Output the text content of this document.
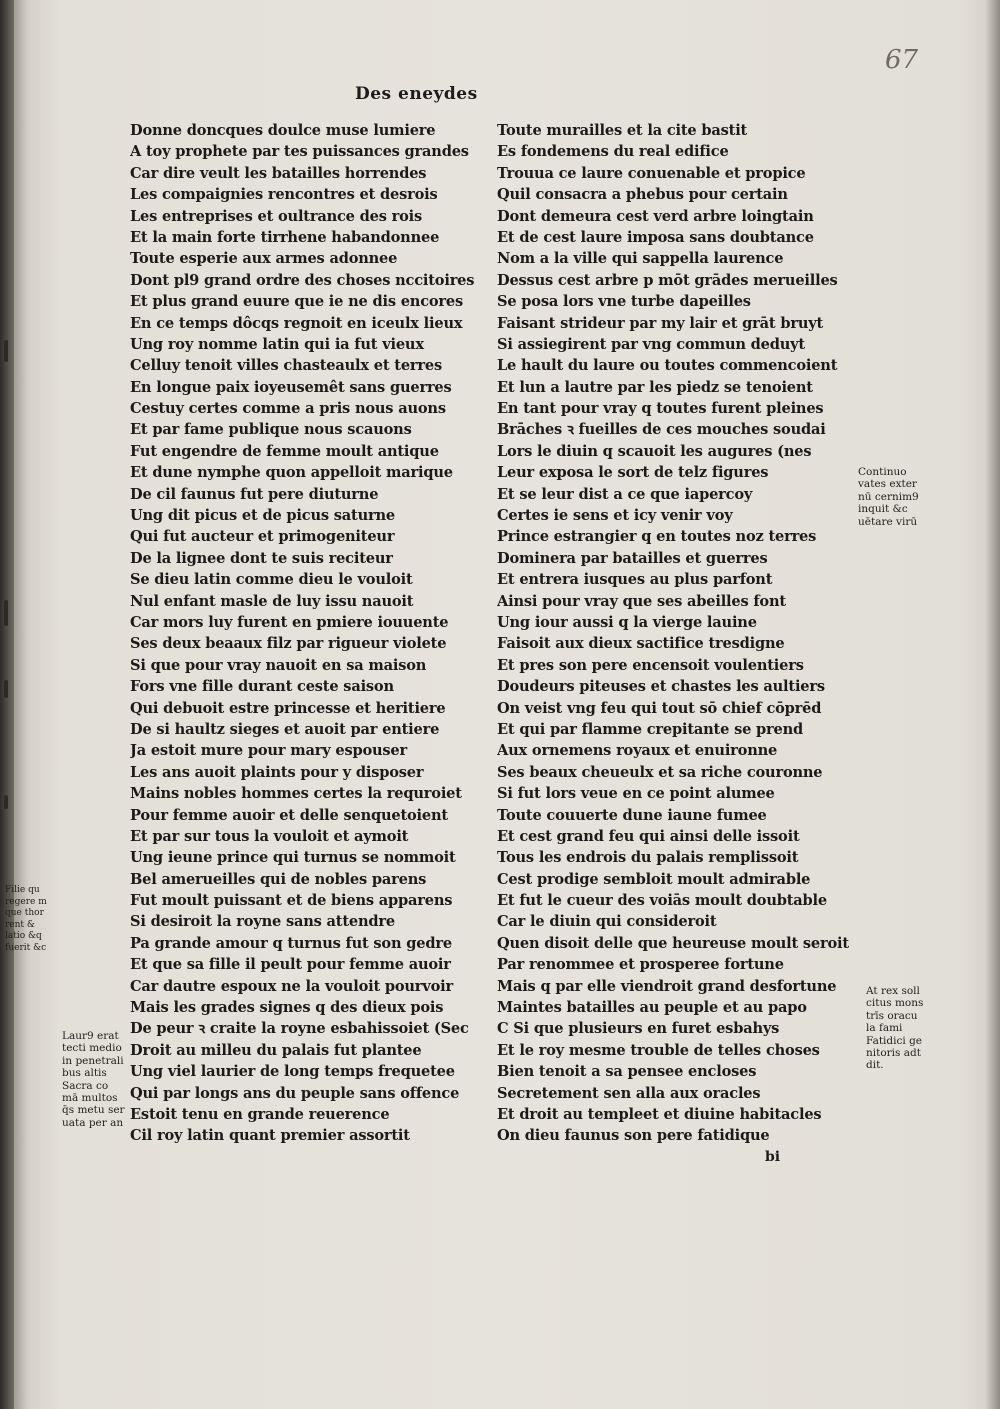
67
Des eneydes
Donne doncques doulce muse lumiere
A toy prophete par tes puissances grandes
Car dire veult les batailles horrendes
Les compaignies rencontres et desrois
Les entreprises et oultrance des rois
Et la main forte tirrhene habandonnee
Toute esperie aux armes adonnee
Dont pl9 grand ordre des choses nccitoires
Et plus grand euure que ie ne dis encores
En ce temps dôcqs regnoit en iceulx lieux
Ung roy nomme latin qui ia fut vieux
Celluy tenoit villes chasteaulx et terres
En longue paix ioyeusemêt sans guerres
Cestuy certes comme a pris nous auons
Et par fame publique nous scauons
Fut engendre de femme moult antique
Et dune nymphe quon appelloit marique
De cil faunus fut pere diuturne
Ung dit picus et de picus saturne
Qui fut aucteur et primogeniteur
De la lignee dont te suis reciteur
Se dieu latin comme dieu le vouloit
Nul enfant masle de luy issu nauoit
Car mors luy furent en pmiere iouuente
Ses deux beaaux filz par rigueur violete
Si que pour vray nauoit en sa maison
Fors vne fille durant ceste saison
Qui debuoit estre princesse et heritiere
De si haultz sieges et auoit par entiere
Ja estoit mure pour mary espouser
Les ans auoit plaints pour y disposer
Mains nobles hommes certes la requroiet
Pour femme auoir et delle senquetoient
Et par sur tous la vouloit et aymoit
Ung ieune prince qui turnus se nommoit
Bel amerueilles qui de nobles parens
Fut moult puissant et de biens apparens
Si desiroit la royne sans attendre
Pa grande amour q turnus fut son gedre
Et que sa fille il peult pour femme auoir
Car dautre espoux ne la vouloit pourvoir
Mais les grades signes q des dieux pois
De peur ꝛ craite la royne esbahissoiet (Sec
Droit au milleu du palais fut plantee
Ung viel laurier de long temps frequetee
Qui par longs ans du peuple sans offence
Estoit tenu en grande reuerence
Cil roy latin quant premier assortit
Toute murailles et la cite bastit
Es fondemens du real edifice
Trouua ce laure conuenable et propice
Quil consacra a phebus pour certain
Dont demeura cest verd arbre loingtain
Et de cest laure imposa sans doubtance
Nom a la ville qui sappella laurence
Dessus cest arbre p mōt grādes merueilles
Se posa lors vne turbe dapeilles
Faisant strideur par my lair et grāt bruyt
Si assiegirent par vng commun deduyt
Le hault du laure ou toutes commencoient
Et lun a lautre par les piedz se tenoient
En tant pour vray q toutes furent pleines
Brāches ꝛ fueilles de ces mouches soudai
Lors le diuin q scauoit les augures (nes
Leur exposa le sort de telz figures
Et se leur dist a ce que iapercoy
Certes ie sens et icy venir voy
Prince estrangier q en toutes noz terres
Dominera par batailles et guerres
Et entrera iusques au plus parfont
Ainsi pour vray que ses abeilles font
Ung iour aussi q la vierge lauine
Faisoit aux dieux sactifice tresdigne
Et pres son pere encensoit voulentiers
Doudeurs piteuses et chastes les aultiers
On veist vng feu qui tout sō chief cōprēd
Et qui par flamme crepitante se prend
Aux ornemens royaux et enuironne
Ses beaux cheueulx et sa riche couronne
Si fut lors veue en ce point alumee
Toute couuerte dune iaune fumee
Et cest grand feu qui ainsi delle issoit
Tous les endrois du palais remplissoit
Cest prodige sembloit moult admirable
Et fut le cueur des voiās moult doubtable
Car le diuin qui consideroit
Quen disoit delle que heureuse moult seroit
Par renommee et prosperee fortune
Mais q par elle viendroit grand desfortune
Maintes batailles au peuple et au papo
C Si que plusieurs en furet esbahys
Et le roy mesme trouble de telles choses
Bien tenoit a sa pensee encloses
Secretement sen alla aux oracles
Et droit au templeet et diuine habitacles
On dieu faunus son pere fatidique
Continuo
vates exter
nū cernim9
inquit &c
uētare virū
At rex soll
citus mons
trīs oracu
la fami
Fatidici ge
nitoris adt
dit.
Filie qu
regere m
que thor
rent &
latio &q
fuerit &c
Laur9 erat
tecti medio
in penetrali
bus altis
Sacra co
mā multos
q̄s metu ser
uata per an
bi
